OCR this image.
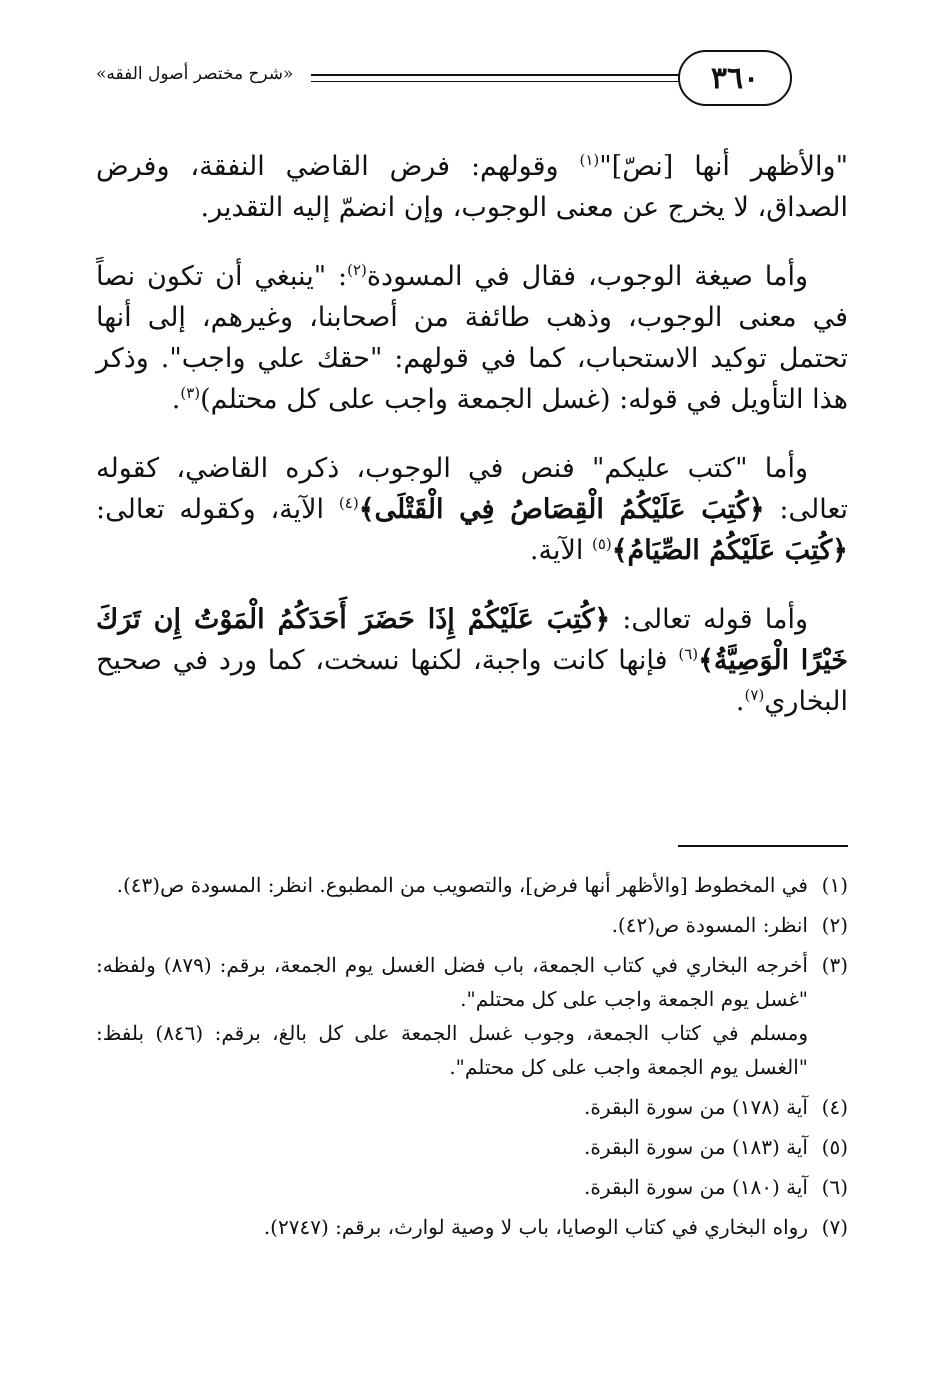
«شرح مختصر أصول الفقه»	٣٦٠

"والأظهر أنها [نصّ]"$^{(١)}$ وقولهم: فرض القاضي النفقة، وفرض الصداق، لا يخرج عن معنى الوجوب، وإن انضمّ إليه التقدير.

وأما صيغة الوجوب، فقال في المسودة$^{(٢)}$: "ينبغي أن تكون نصاً في معنى الوجوب، وذهب طائفة من أصحابنا، وغيرهم، إلى أنها تحتمل توكيد الاستحباب، كما في قولهم: "حقك علي واجب". وذكر هذا التأويل في قوله: (غسل الجمعة واجب على كل محتلم)$^{(٣)}$.

وأما "كتب عليكم" فنص في الوجوب، ذكره القاضي، كقوله تعالى: ﴿كُتِبَ عَلَيْكُمُ الْقِصَاصُ فِي الْقَتْلَى﴾$^{(٤)}$ الآية، وكقوله تعالى: ﴿كُتِبَ عَلَيْكُمُ الصِّيَامُ﴾$^{(٥)}$ الآية.

وأما قوله تعالى: ﴿كُتِبَ عَلَيْكُمْ إِذَا حَضَرَ أَحَدَكُمُ الْمَوْتُ إِن تَرَكَ خَيْرًا الْوَصِيَّةُ﴾$^{(٦)}$ فإنها كانت واجبة، لكنها نسخت، كما ورد في صحيح البخاري$^{(٧)}$.

(١)
في المخطوط [والأظهر أنها فرض]، والتصويب من المطبوع. انظر: المسودة ص(٤٣).
(٢)
انظر: المسودة ص(٤٢).
(٣)
أخرجه البخاري في كتاب الجمعة، باب فضل الغسل يوم الجمعة، برقم: (٨٧٩) ولفظه: "غسل يوم الجمعة واجب على كل محتلم".
ومسلم في كتاب الجمعة، وجوب غسل الجمعة على كل بالغ، برقم: (٨٤٦) بلفظ: "الغسل يوم الجمعة واجب على كل محتلم".
(٤)
آية (١٧٨) من سورة البقرة.
(٥)
آية (١٨٣) من سورة البقرة.
(٦)
آية (١٨٠) من سورة البقرة.
(٧)
رواه البخاري في كتاب الوصايا، باب لا وصية لوارث، برقم: (٢٧٤٧).
